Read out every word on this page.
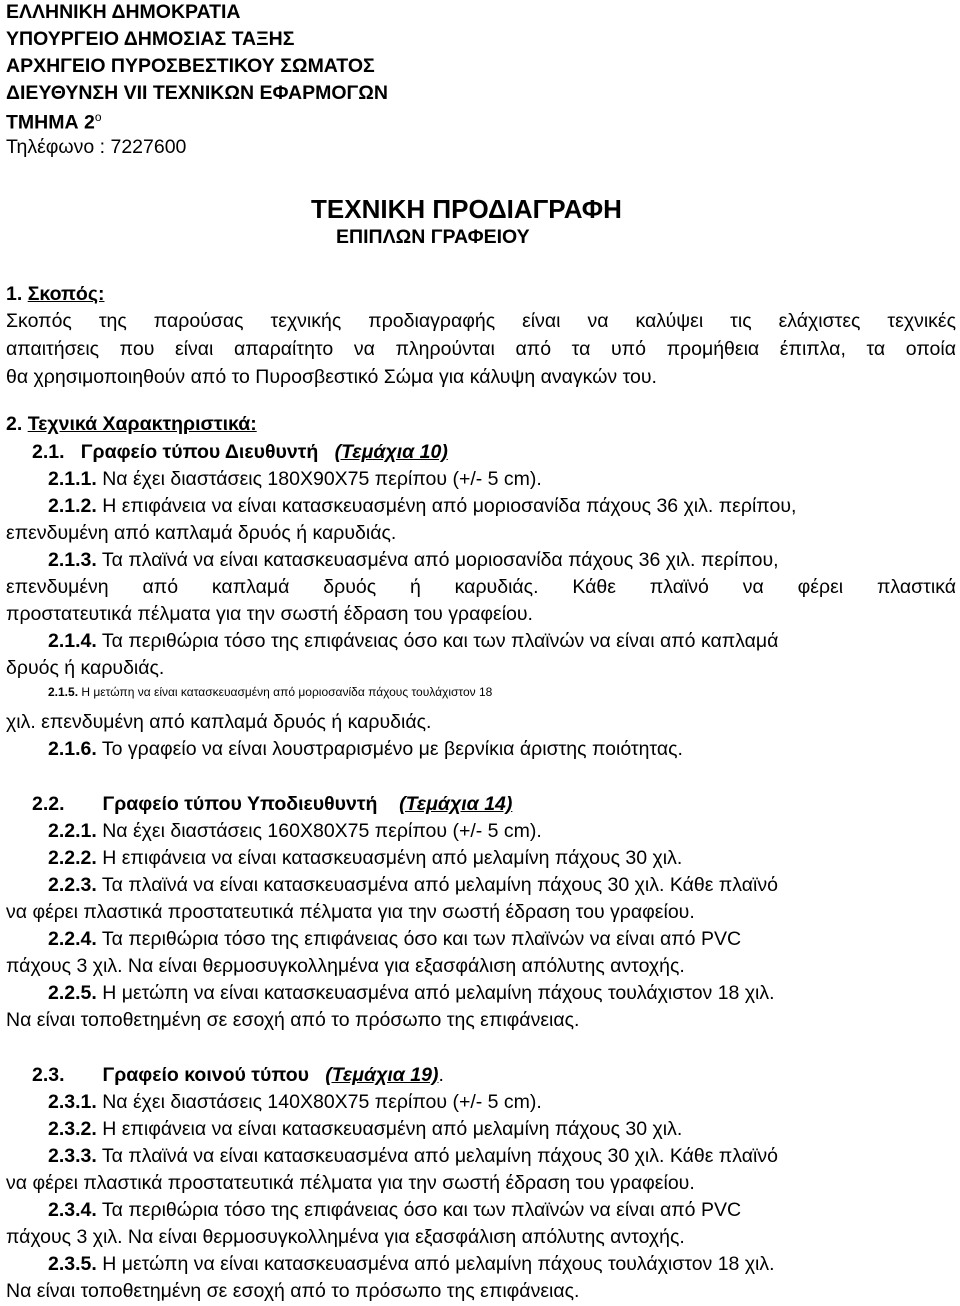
ΕΛΛΗΝΙΚΗ ΔΗΜΟΚΡΑΤΙΑ
ΥΠΟΥΡΓΕΙΟ ΔΗΜΟΣΙΑΣ ΤΑΞΗΣ
ΑΡΧΗΓΕΙΟ ΠΥΡΟΣΒΕΣΤΙΚΟΥ ΣΩΜΑΤΟΣ
ΔΙΕΥΘΥΝΣΗ VII ΤΕΧΝΙΚΩΝ ΕΦΑΡΜΟΓΩΝ
ΤΜΗΜΑ $2^o$
Τηλέφωνο : 7227600
ΤΕΧΝΙΚΗ ΠΡΟΔΙΑΓΡΑΦΗ
ΕΠΙΠΛΩΝ ΓΡΑΦΕΙΟΥ
1. Σκοπός:
Σκοπός της παρούσας τεχνικής προδιαγραφής είναι να καλύψει τις ελάχιστες τεχνικές
απαιτήσεις που είναι απαραίτητο να πληρούνται από τα υπό προμήθεια έπιπλα, τα οποία
θα χρησιμοποιηθούν από το Πυροσβεστικό Σώμα για κάλυψη αναγκών του.
2. Τεχνικά Χαρακτηριστικά:
2.1. Γραφείο τύπου Διευθυντή (Τεμάχια 10)
2.1.1. Να έχει διαστάσεις 180Χ90Χ75 περίπου (+/- 5 cm).
2.1.2. Η επιφάνεια να είναι κατασκευασμένη από μοριοσανίδα πάχους 36 χιλ. περίπου,
επενδυμένη από καπλαμά δρυός ή καρυδιάς.
2.1.3. Τα πλαϊνά να είναι κατασκευασμένα από μοριοσανίδα πάχους 36 χιλ. περίπου,
επενδυμένη από καπλαμά δρυός ή καρυδιάς. Κάθε πλαϊνό να φέρει πλαστικά
προστατευτικά πέλματα για την σωστή έδραση του γραφείου.
2.1.4. Τα περιθώρια τόσο της επιφάνειας όσο και των πλαϊνών να είναι από καπλαμά
δρυός ή καρυδιάς.
2.1.5. Η μετώπη να είναι κατασκευασμένη από μοριοσανίδα πάχους τουλάχιστον 18
χιλ. επενδυμένη από καπλαμά δρυός ή καρυδιάς.
2.1.6. Το γραφείο να είναι λουστραρισμένο με βερνίκια άριστης ποιότητας.
2.2. Γραφείο τύπου Υποδιευθυντή (Τεμάχια 14)
2.2.1. Να έχει διαστάσεις 160Χ80Χ75 περίπου (+/- 5 cm).
2.2.2. Η επιφάνεια να είναι κατασκευασμένη από μελαμίνη πάχους 30 χιλ.
2.2.3. Τα πλαϊνά να είναι κατασκευασμένα από μελαμίνη πάχους 30 χιλ. Κάθε πλαϊνό
να φέρει πλαστικά προστατευτικά πέλματα για την σωστή έδραση του γραφείου.
2.2.4. Τα περιθώρια τόσο της επιφάνειας όσο και των πλαϊνών να είναι από PVC
πάχους 3 χιλ. Να είναι θερμοσυγκολλημένα για εξασφάλιση απόλυτης αντοχής.
2.2.5. Η μετώπη να είναι κατασκευασμένα από μελαμίνη πάχους τουλάχιστον 18 χιλ.
Να είναι τοποθετημένη σε εσοχή από το πρόσωπο της επιφάνειας.
2.3. Γραφείο κοινού τύπου (Τεμάχια 19).
2.3.1. Να έχει διαστάσεις 140Χ80Χ75 περίπου (+/- 5 cm).
2.3.2. Η επιφάνεια να είναι κατασκευασμένη από μελαμίνη πάχους 30 χιλ.
2.3.3. Τα πλαϊνά να είναι κατασκευασμένα από μελαμίνη πάχους 30 χιλ. Κάθε πλαϊνό
να φέρει πλαστικά προστατευτικά πέλματα για την σωστή έδραση του γραφείου.
2.3.4. Τα περιθώρια τόσο της επιφάνειας όσο και των πλαϊνών να είναι από PVC
πάχους 3 χιλ. Να είναι θερμοσυγκολλημένα για εξασφάλιση απόλυτης αντοχής.
2.3.5. Η μετώπη να είναι κατασκευασμένα από μελαμίνη πάχους τουλάχιστον 18 χιλ.
Να είναι τοποθετημένη σε εσοχή από το πρόσωπο της επιφάνειας.
